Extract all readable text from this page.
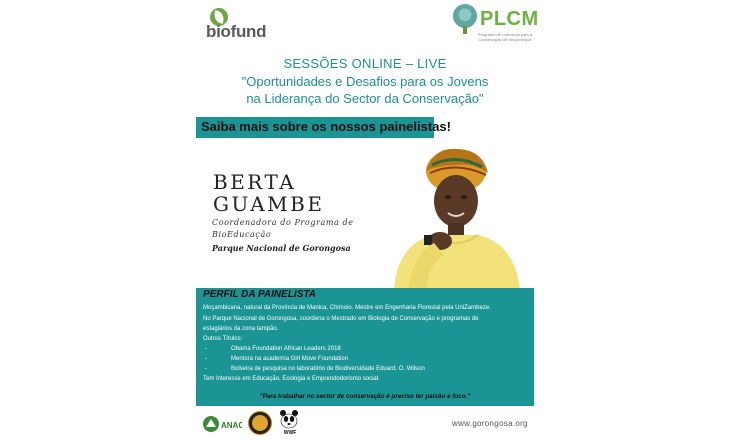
biofund
PLCM
Programa de Liderança para a Conservação de Moçambique
SESSÕES ONLINE – LIVE
"Oportunidades e Desafios para os Jovens
na Liderança do Sector da Conservação"
Saiba mais sobre os nossos painelistas!
BERTA
GUAMBE
Coordenadora do Programa de
BioEducação
Parque Nacional de Gorongosa
PERFIL DA PAINELISTA
Moçambicana, natural da Província de Manica, Chimoio. Mestre em Engenharia Florestal pela UniZambeze.
No Parque Nacional de Gorongosa, coordena o Mestrado em Biologia de Conservação e programas de
estagiários da zona tampão.
Outros Títulos:
-	Obama Foundation African Leaders 2018
-	Mentora na academia Girl Move Foundation
-	Bolseira de pesquisa no laboratório de Biodiversidade Eduard. O. Wilson
Tem Interesse em Educação, Ecologia e Emprendodorismo social.
"Para trabalhar no sector de conservação é preciso ter paixão e foco."
ANAC
WWF
www.gorongosa.org
